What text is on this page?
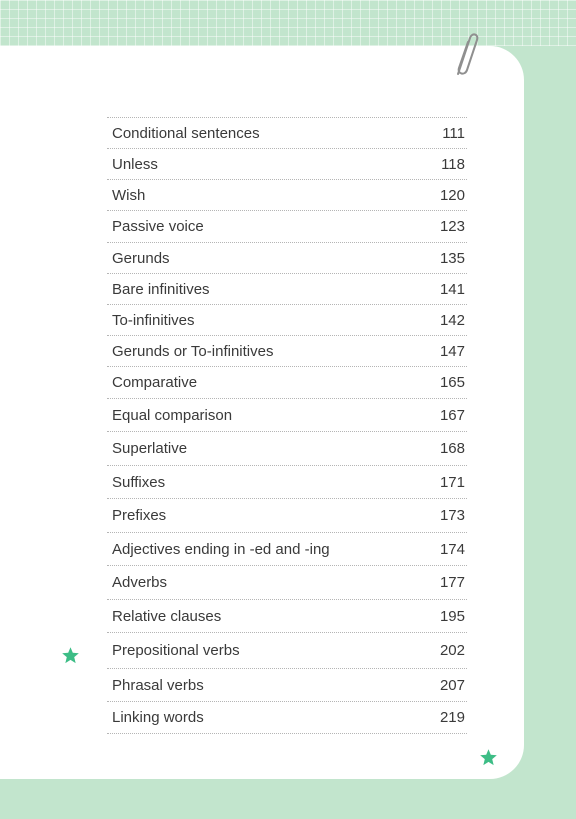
Conditional sentences	111
Unless	118
Wish	120
Passive voice	123
Gerunds	135
Bare infinitives	141
To-infinitives	142
Gerunds or To-infinitives	147
Comparative	165
Equal comparison	167
Superlative	168
Suffixes	171
Prefixes	173
Adjectives ending in -ed and -ing	174
Adverbs	177
Relative clauses	195
Prepositional verbs	202
Phrasal verbs	207
Linking words	219
